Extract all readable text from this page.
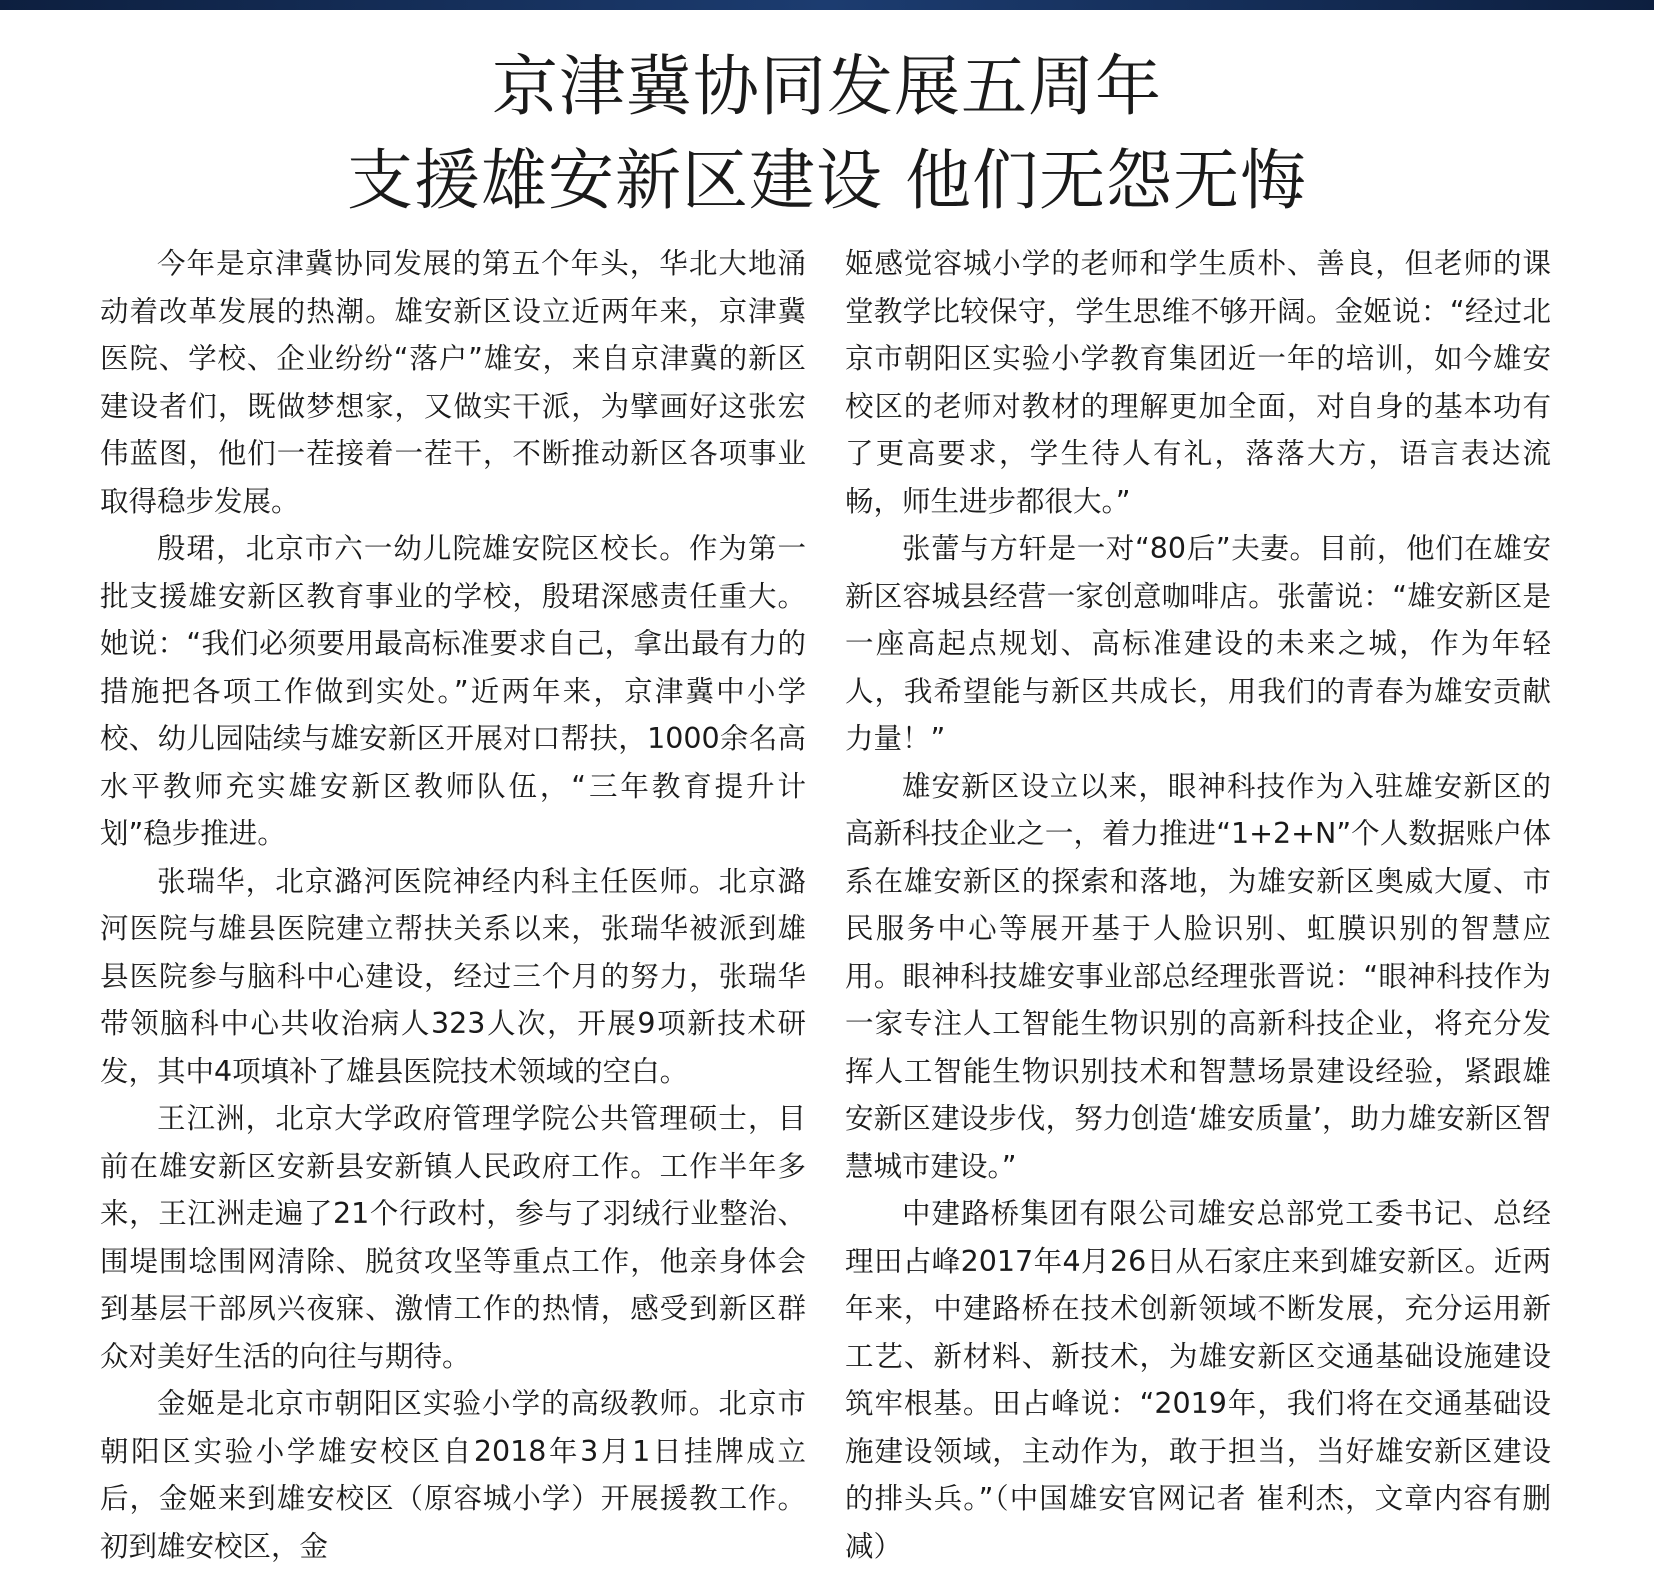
京津冀协同发展五周年
支援雄安新区建设 他们无怨无悔

今年是京津冀协同发展的第五个年头，华北大地涌动着改革发展的热潮。雄安新区设立近两年来，京津冀医院、学校、企业纷纷“落户”雄安，来自京津冀的新区建设者们，既做梦想家，又做实干派，为擘画好这张宏伟蓝图，他们一茬接着一茬干，不断推动新区各项事业取得稳步发展。

殷珺，北京市六一幼儿院雄安院区校长。作为第一批支援雄安新区教育事业的学校，殷珺深感责任重大。她说：“我们必须要用最高标准要求自己，拿出最有力的措施把各项工作做到实处。”近两年来，京津冀中小学校、幼儿园陆续与雄安新区开展对口帮扶，1000余名高水平教师充实雄安新区教师队伍，“三年教育提升计划”稳步推进。

张瑞华，北京潞河医院神经内科主任医师。北京潞河医院与雄县医院建立帮扶关系以来，张瑞华被派到雄县医院参与脑科中心建设，经过三个月的努力，张瑞华带领脑科中心共收治病人323人次，开展9项新技术研发，其中4项填补了雄县医院技术领域的空白。

王江洲，北京大学政府管理学院公共管理硕士，目前在雄安新区安新县安新镇人民政府工作。工作半年多来，王江洲走遍了21个行政村，参与了羽绒行业整治、围堤围埝围网清除、脱贫攻坚等重点工作，他亲身体会到基层干部夙兴夜寐、激情工作的热情，感受到新区群众对美好生活的向往与期待。

金姬是北京市朝阳区实验小学的高级教师。北京市朝阳区实验小学雄安校区自2018年3月1日挂牌成立后，金姬来到雄安校区（原容城小学）开展援教工作。初到雄安校区，金

姬感觉容城小学的老师和学生质朴、善良，但老师的课堂教学比较保守，学生思维不够开阔。金姬说：“经过北京市朝阳区实验小学教育集团近一年的培训，如今雄安校区的老师对教材的理解更加全面，对自身的基本功有了更高要求，学生待人有礼，落落大方，语言表达流畅，师生进步都很大。”

张蕾与方轩是一对“80后”夫妻。目前，他们在雄安新区容城县经营一家创意咖啡店。张蕾说：“雄安新区是一座高起点规划、高标准建设的未来之城，作为年轻人，我希望能与新区共成长，用我们的青春为雄安贡献力量！”

雄安新区设立以来，眼神科技作为入驻雄安新区的高新科技企业之一，着力推进“1+2+N”个人数据账户体系在雄安新区的探索和落地，为雄安新区奥威大厦、市民服务中心等展开基于人脸识别、虹膜识别的智慧应用。眼神科技雄安事业部总经理张晋说：“眼神科技作为一家专注人工智能生物识别的高新科技企业，将充分发挥人工智能生物识别技术和智慧场景建设经验，紧跟雄安新区建设步伐，努力创造‘雄安质量’，助力雄安新区智慧城市建设。”

中建路桥集团有限公司雄安总部党工委书记、总经理田占峰2017年4月26日从石家庄来到雄安新区。近两年来，中建路桥在技术创新领域不断发展，充分运用新工艺、新材料、新技术，为雄安新区交通基础设施建设筑牢根基。田占峰说：“2019年，我们将在交通基础设施建设领域，主动作为，敢于担当，当好雄安新区建设的排头兵。”（中国雄安官网记者 崔利杰，文章内容有删减）
